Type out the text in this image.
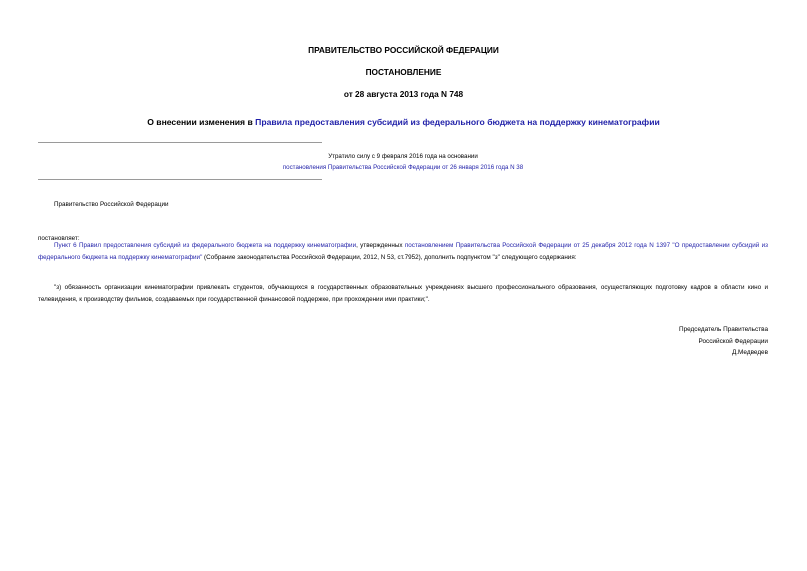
ПРАВИТЕЛЬСТВО РОССИЙСКОЙ ФЕДЕРАЦИИ
ПОСТАНОВЛЕНИЕ
от 28 августа 2013 года N 748
О внесении изменения в Правила предоставления субсидий из федерального бюджета на поддержку кинематографии
Утратило силу с 9 февраля 2016 года на основании
постановления Правительства Российской Федерации от 26 января 2016 года N 38
Правительство Российской Федерации
постановляет:
Пункт 6 Правил предоставления субсидий из федерального бюджета на поддержку кинематографии, утвержденных постановлением Правительства Российской Федерации от 25 декабря 2012 года N 1397 "О предоставлении субсидий из федерального бюджета на поддержку кинематографии" (Собрание законодательства Российской Федерации, 2012, N 53, ст.7952), дополнить подпунктом "з" следующего содержания:
"з) обязанность организации кинематографии привлекать студентов, обучающихся в государственных образовательных учреждениях высшего профессионального образования, осуществляющих подготовку кадров в области кино и телевидения, к производству фильмов, создаваемых при государственной финансовой поддержке, при прохождении ими практики;".
Председатель Правительства
Российской Федерации
Д.Медведев
